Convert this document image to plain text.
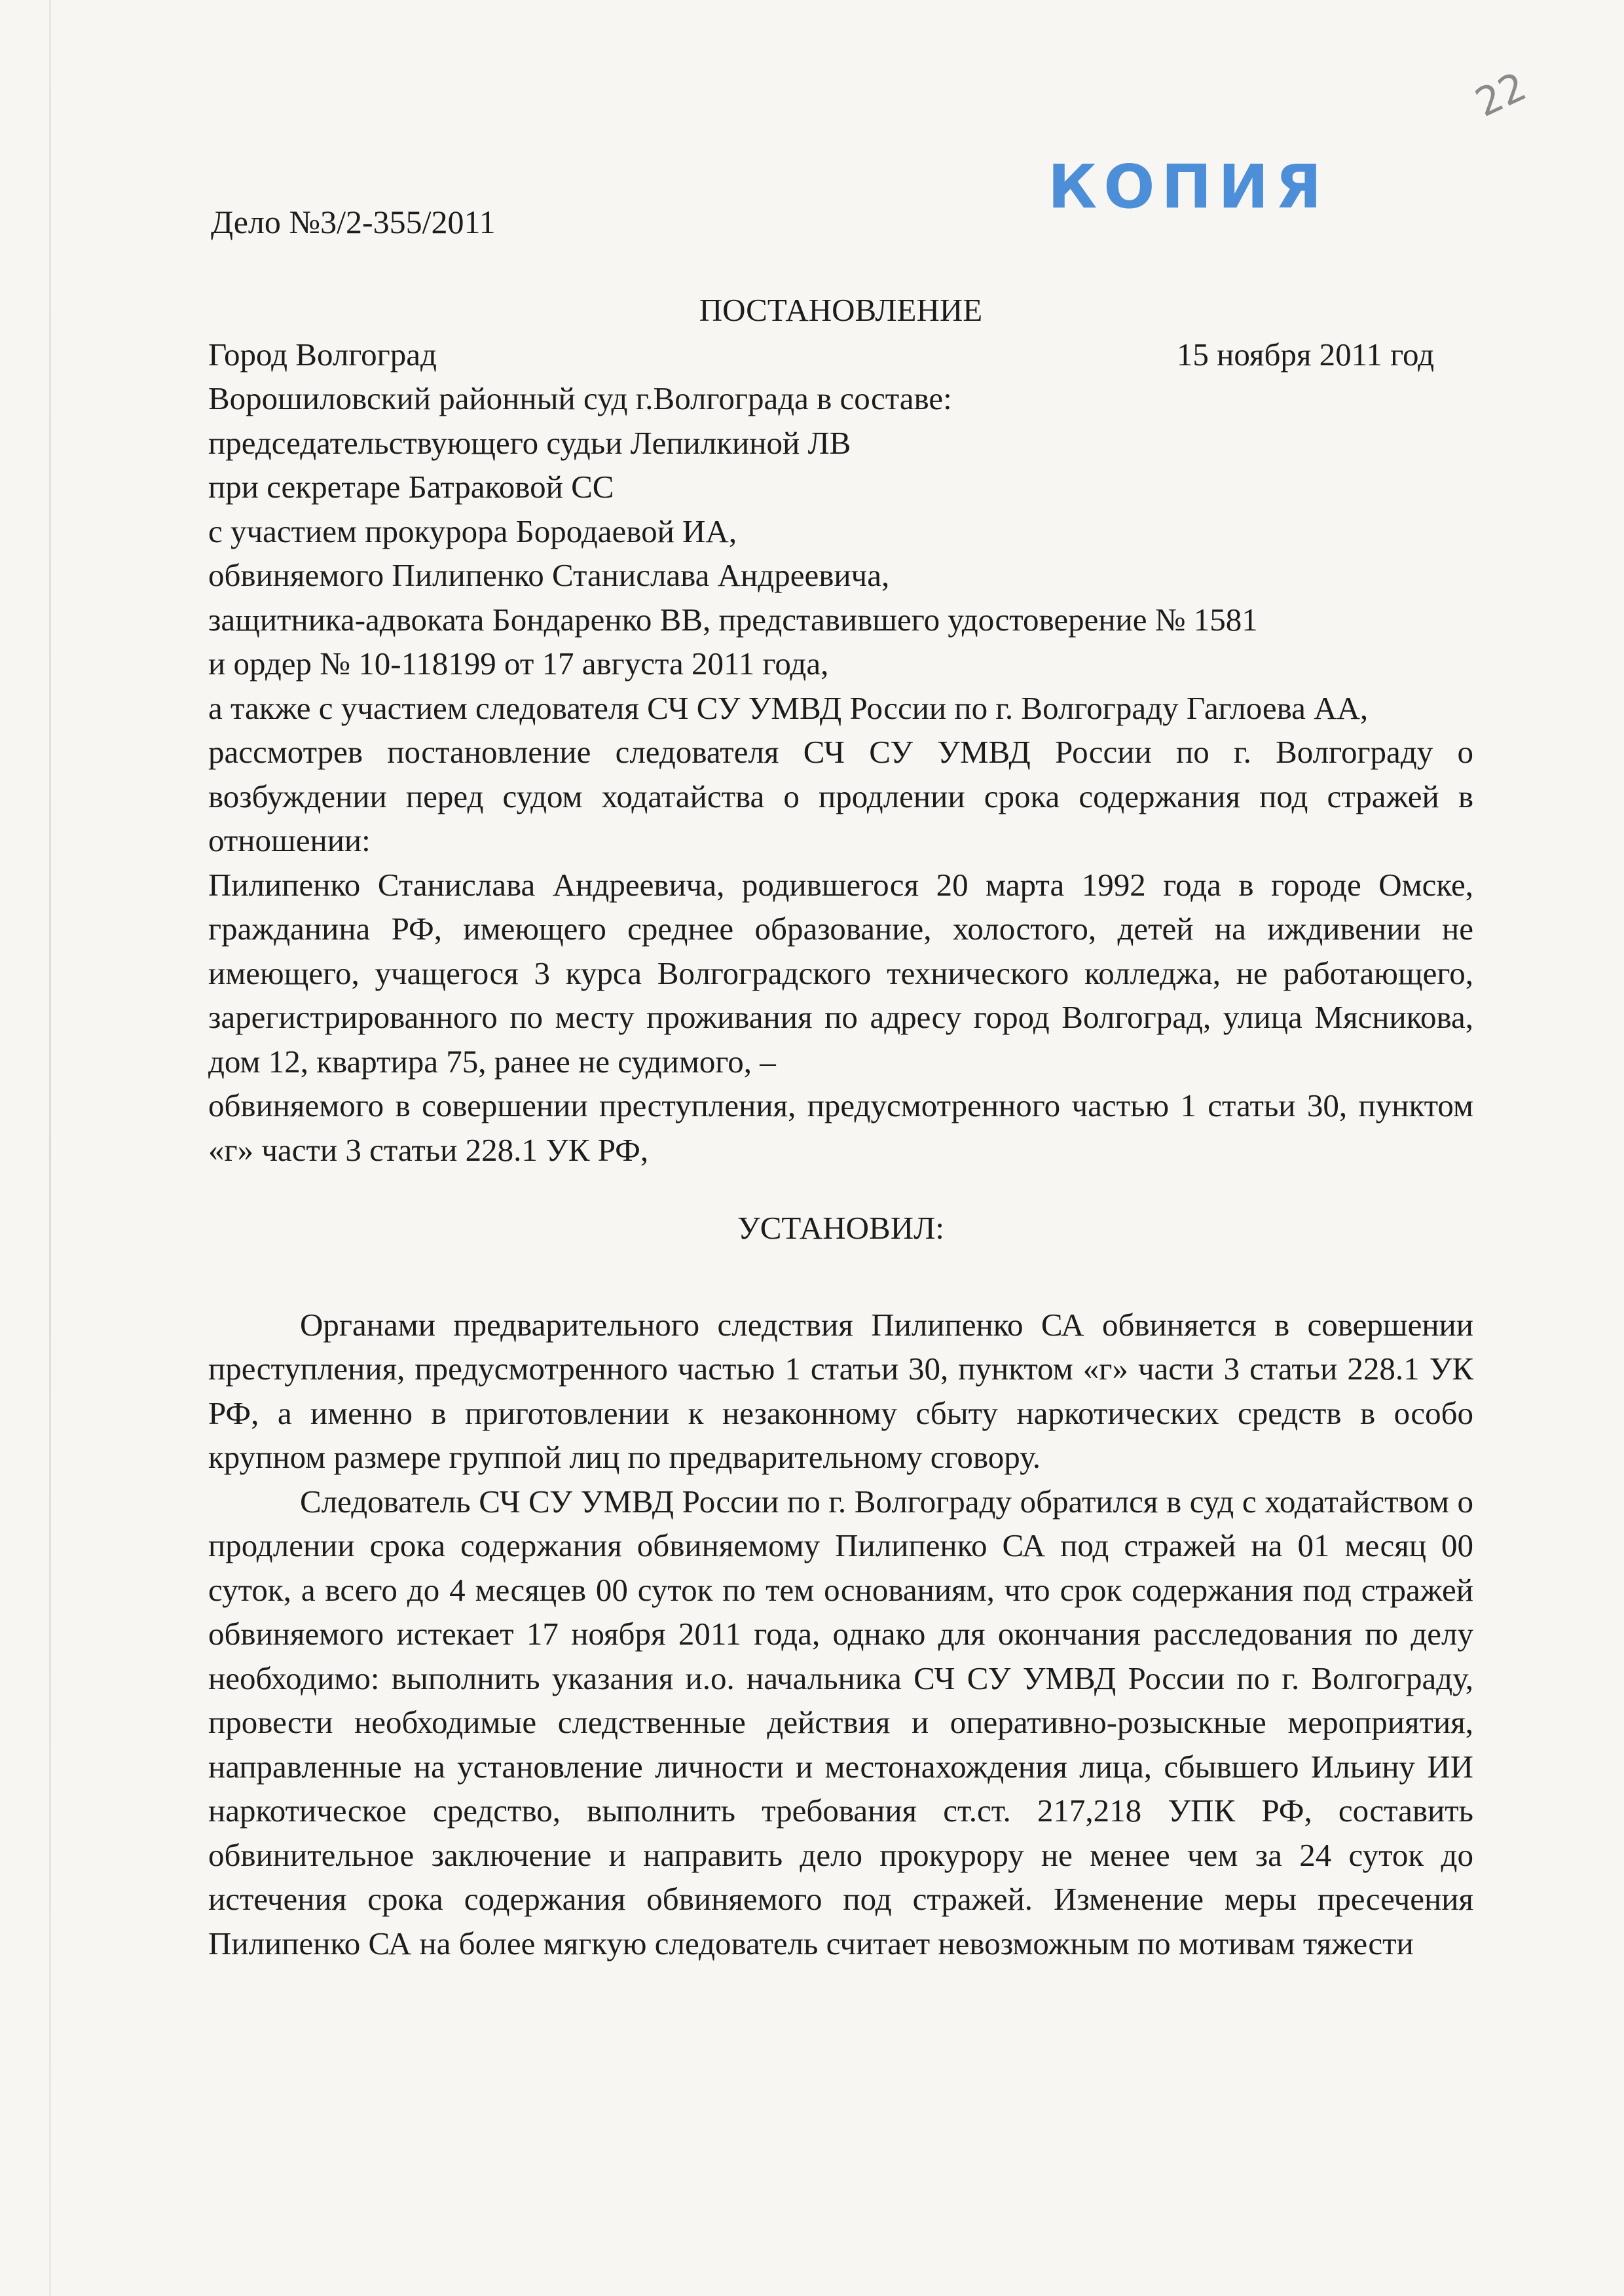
22
КОПИЯ
Дело №3/2-355/2011

ПОСТАНОВЛЕНИЕ

Город Волгоград	15 ноября 2011 год

Ворошиловский районный суд г.Волгограда в составе:

председательствующего судьи Лепилкиной ЛВ

при секретаре Батраковой СС

с участием прокурора Бородаевой ИА,

обвиняемого Пилипенко Станислава Андреевича,

защитника-адвоката Бондаренко ВВ, представившего удостоверение № 1581

и ордер № 10-118199 от 17 августа 2011 года,

а также с участием следователя СЧ СУ УМВД России по г. Волгограду Гаглоева АА,

рассмотрев постановление следователя СЧ СУ УМВД России по г. Волгограду о возбуждении перед судом ходатайства о продлении срока содержания под стражей в отношении:

Пилипенко Станислава Андреевича, родившегося 20 марта 1992 года в городе Омске, гражданина РФ, имеющего среднее образование, холостого, детей на иждивении не имеющего, учащегося 3 курса Волгоградского технического колледжа, не работающего, зарегистрированного по месту проживания по адресу город Волгоград, улица Мясникова, дом 12, квартира 75, ранее не судимого, –

обвиняемого в совершении преступления, предусмотренного частью 1 статьи 30, пунктом «г» части 3 статьи 228.1 УК РФ,

УСТАНОВИЛ:

Органами предварительного следствия Пилипенко СА обвиняется в совершении преступления, предусмотренного частью 1 статьи 30, пунктом «г» части 3 статьи 228.1 УК РФ, а именно в приготовлении к незаконному сбыту наркотических средств в особо крупном размере группой лиц по предварительному сговору.

Следователь СЧ СУ УМВД России по г. Волгограду обратился в суд с ходатайством о продлении срока содержания обвиняемому Пилипенко СА под стражей на 01 месяц 00 суток, а всего до 4 месяцев 00 суток по тем основаниям, что срок содержания под стражей обвиняемого истекает 17 ноября 2011 года, однако для окончания расследования по делу необходимо: выполнить указания и.о. начальника СЧ СУ УМВД России по г. Волгограду, провести необходимые следственные действия и оперативно-розыскные мероприятия, направленные на установление личности и местонахождения лица, сбывшего Ильину ИИ наркотическое средство, выполнить требования ст.ст. 217,218 УПК РФ, составить обвинительное заключение и направить дело прокурору не менее чем за 24 суток до истечения срока содержания обвиняемого под стражей. Изменение меры пресечения Пилипенко СА на более мягкую следователь считает невозможным по мотивам тяжести
